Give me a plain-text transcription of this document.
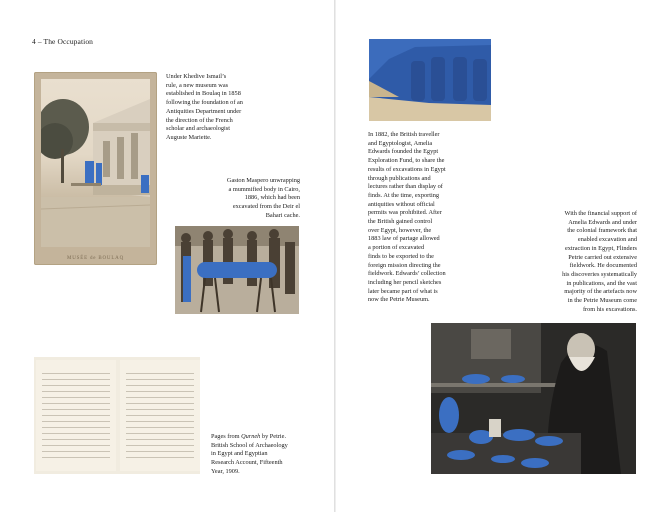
4 – The Occupation
MUSÉE de BOULAQ
Under Khedive Ismail’s
rule, a new museum was
established in Boulaq in 1858
following the foundation of an
Antiquities Department under
the direction of the French
scholar and archaeologist
Auguste Mariette.
Gaston Maspero unwrapping
a mummified body in Cairo,
1886, which had been
excavated from the Deir el
Bahari cache.
Pages from Qurneh by Petrie.
British School of Archaeology
in Egypt and Egyptian
Research Account, Fifteenth
Year, 1909.
In 1882, the British traveller
and Egyptologist, Amelia
Edwards founded the Egypt
Exploration Fund, to share the
results of excavations in Egypt
through publications and
lectures rather than display of
finds. At the time, exporting
antiquities without official
permits was prohibited. After
the British gained control
over Egypt, however, the
1883 law of partage allowed
a portion of excavated
finds to be exported to the
foreign mission directing the
fieldwork. Edwards’ collection
including her pencil sketches
later became part of what is
now the Petrie Museum.
With the financial support of
Amelia Edwards and under
the colonial framework that
enabled excavation and
extraction in Egypt, Flinders
Petrie carried out extensive
fieldwork. He documented
his discoveries systematically
in publications, and the vast
majority of the artefacts now
in the Petrie Museum come
from his excavations.
